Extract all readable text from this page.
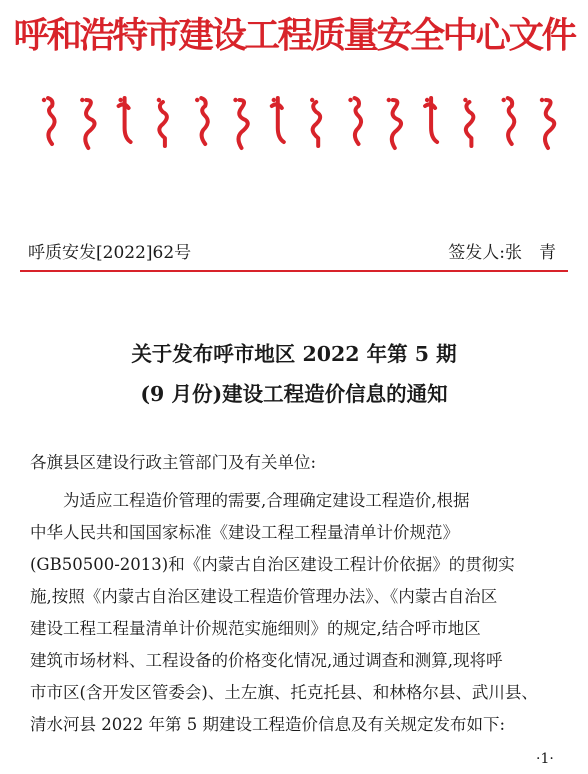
呼和浩特市建设工程质量安全中心文件
呼质安发[2022]62号	签发人:张　青
关于发布呼市地区 2022 年第 5 期
(9 月份)建设工程造价信息的通知
各旗县区建设行政主管部门及有关单位:
为适应工程造价管理的需要,合理确定建设工程造价,根据
中华人民共和国国家标准《建设工程工程量清单计价规范》
(GB50500-2013)和《内蒙古自治区建设工程计价依据》的贯彻实
施,按照《内蒙古自治区建设工程造价管理办法》、《内蒙古自治区
建设工程工程量清单计价规范实施细则》的规定,结合呼市地区
建筑市场材料、工程设备的价格变化情况,通过调查和测算,现将呼
市市区(含开发区管委会)、土左旗、托克托县、和林格尔县、武川县、
清水河县 2022 年第 5 期建设工程造价信息及有关规定发布如下:
·1·
